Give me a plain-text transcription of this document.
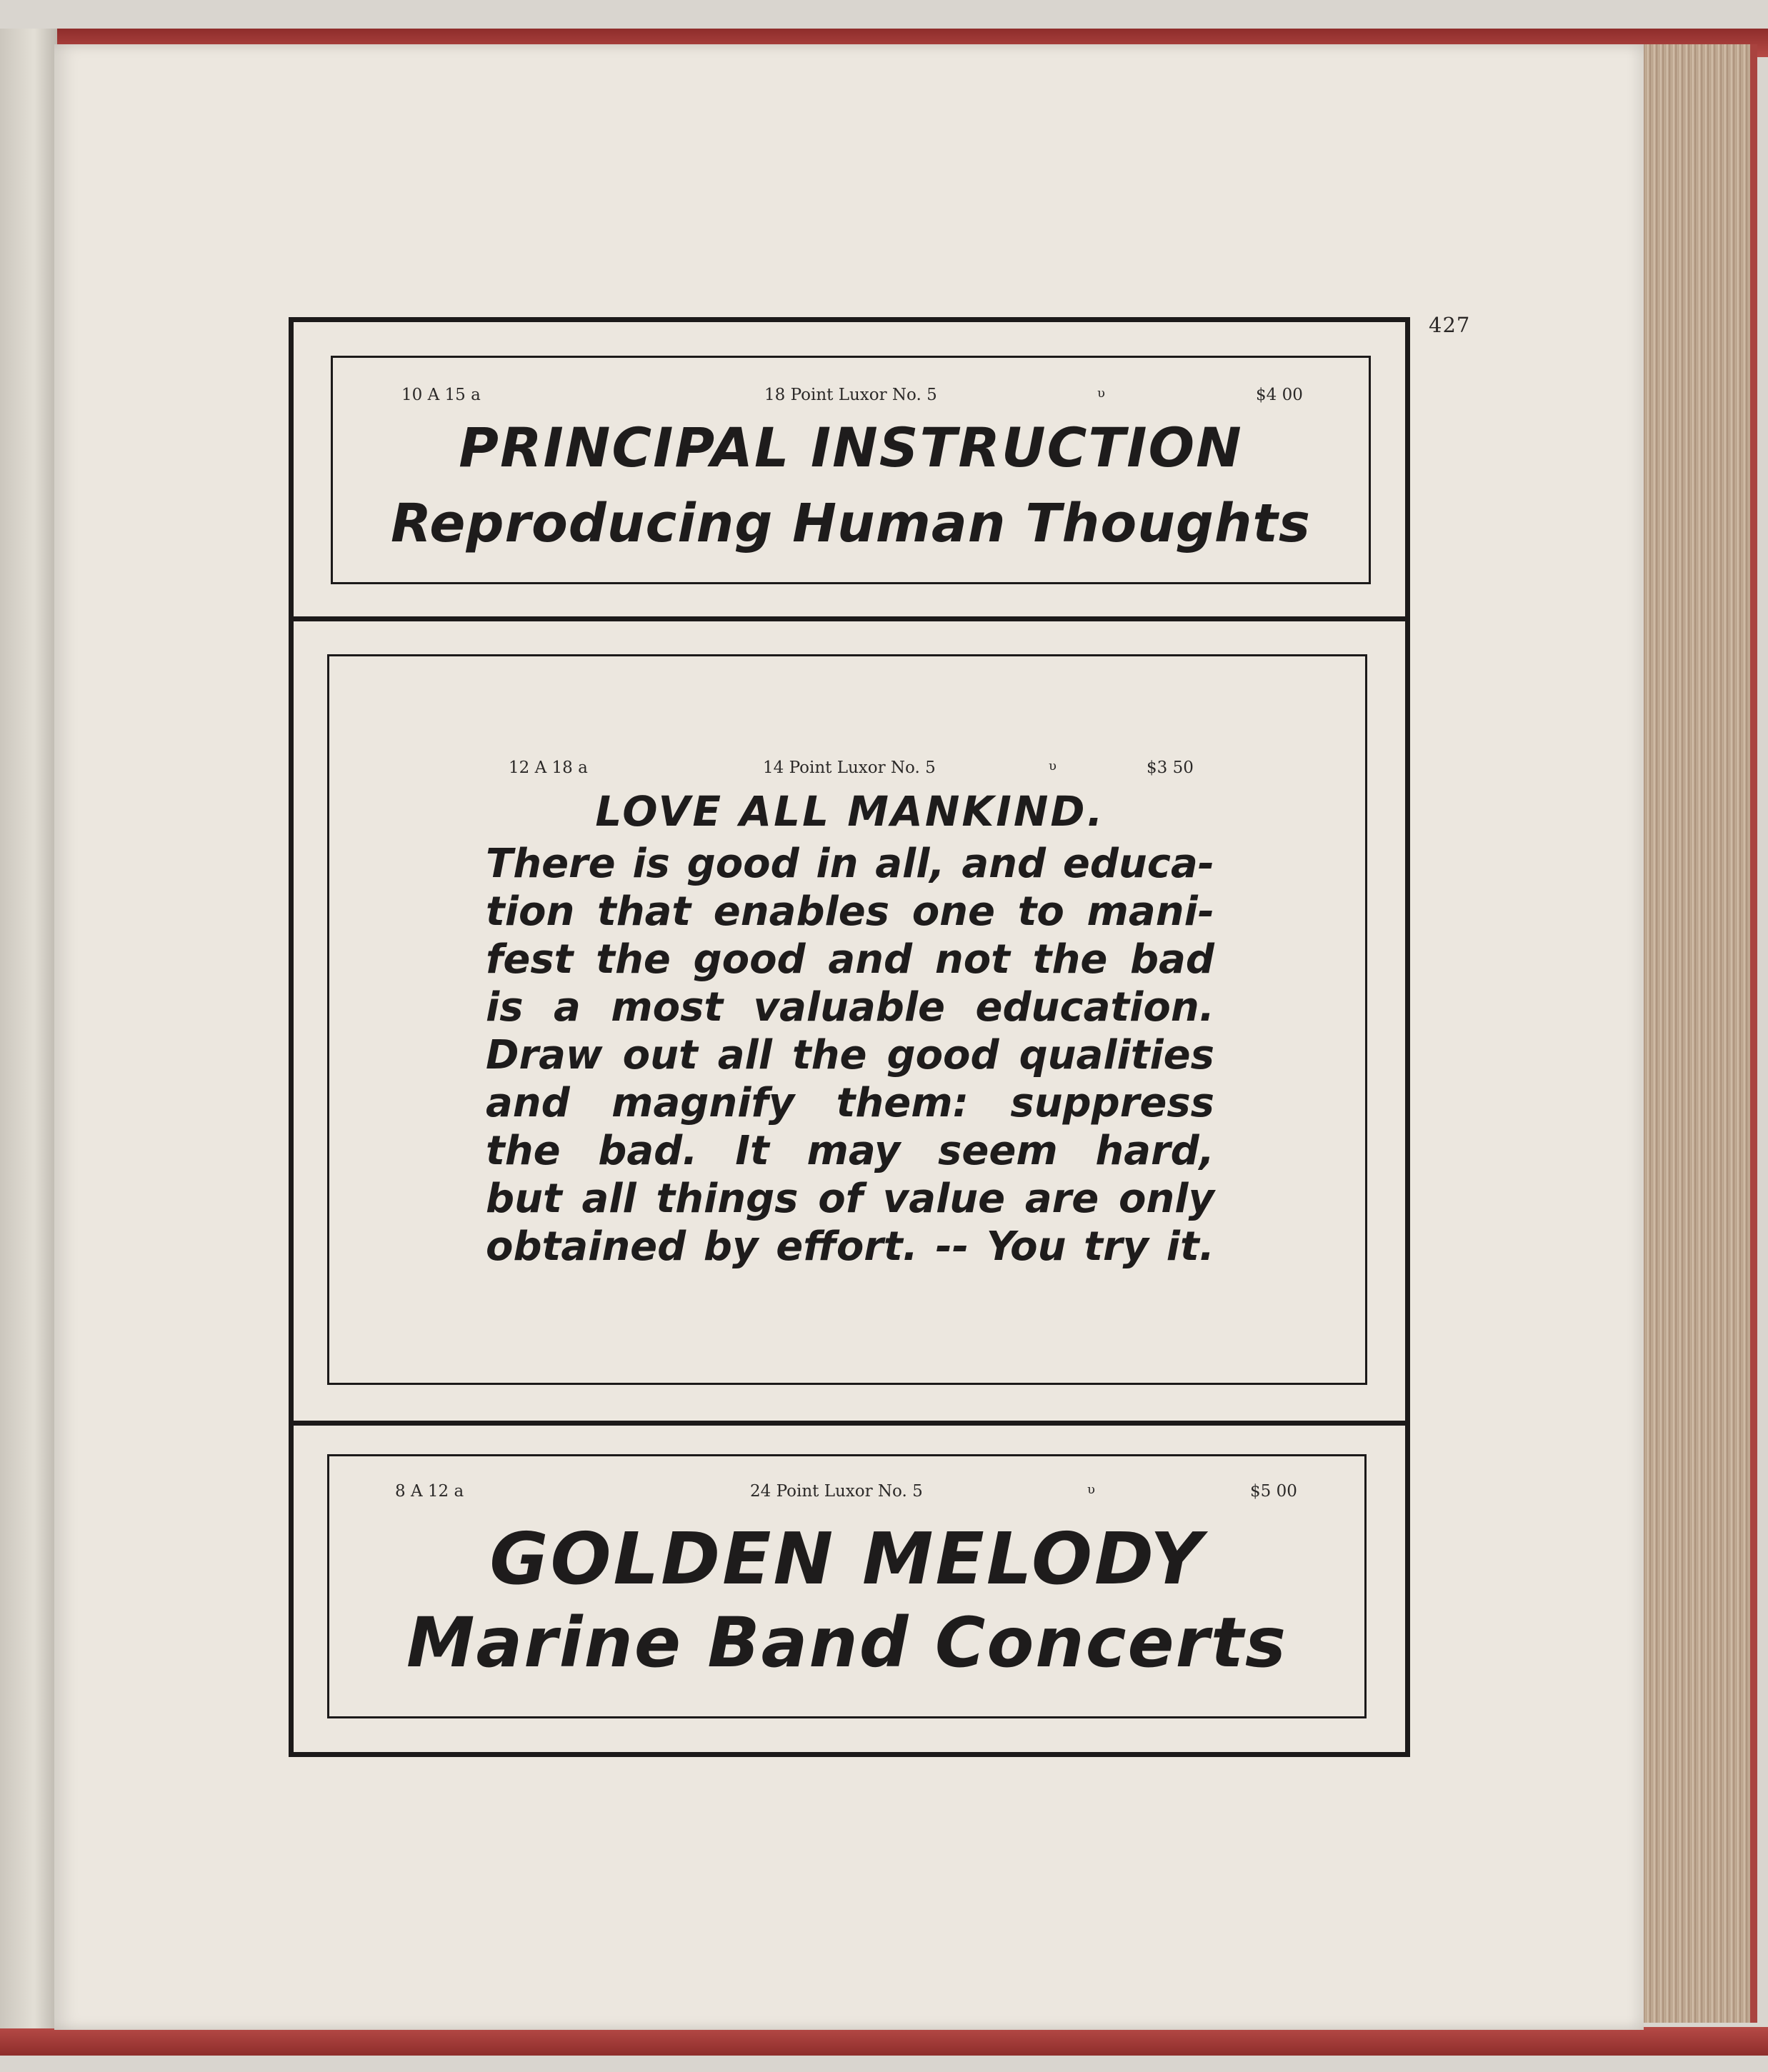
427
10 A 15 a	18 Point Luxor No. 5	υ	$4 00
PRINCIPAL INSTRUCTION
Reproducing Human Thoughts
12 A 18 a	14 Point Luxor No. 5	υ	$3 50
LOVE ALL MANKIND.
There is good in all, and educa-
tion that enables one to mani-
fest the good and not the bad
is a most valuable education.
Draw out all the good qualities
and magnify them: suppress
the bad. It may seem hard,
but all things of value are only
obtained by effort. -- You try it.
8 A 12 a	24 Point Luxor No. 5	υ	$5 00
GOLDEN MELODY
Marine Band Concerts
